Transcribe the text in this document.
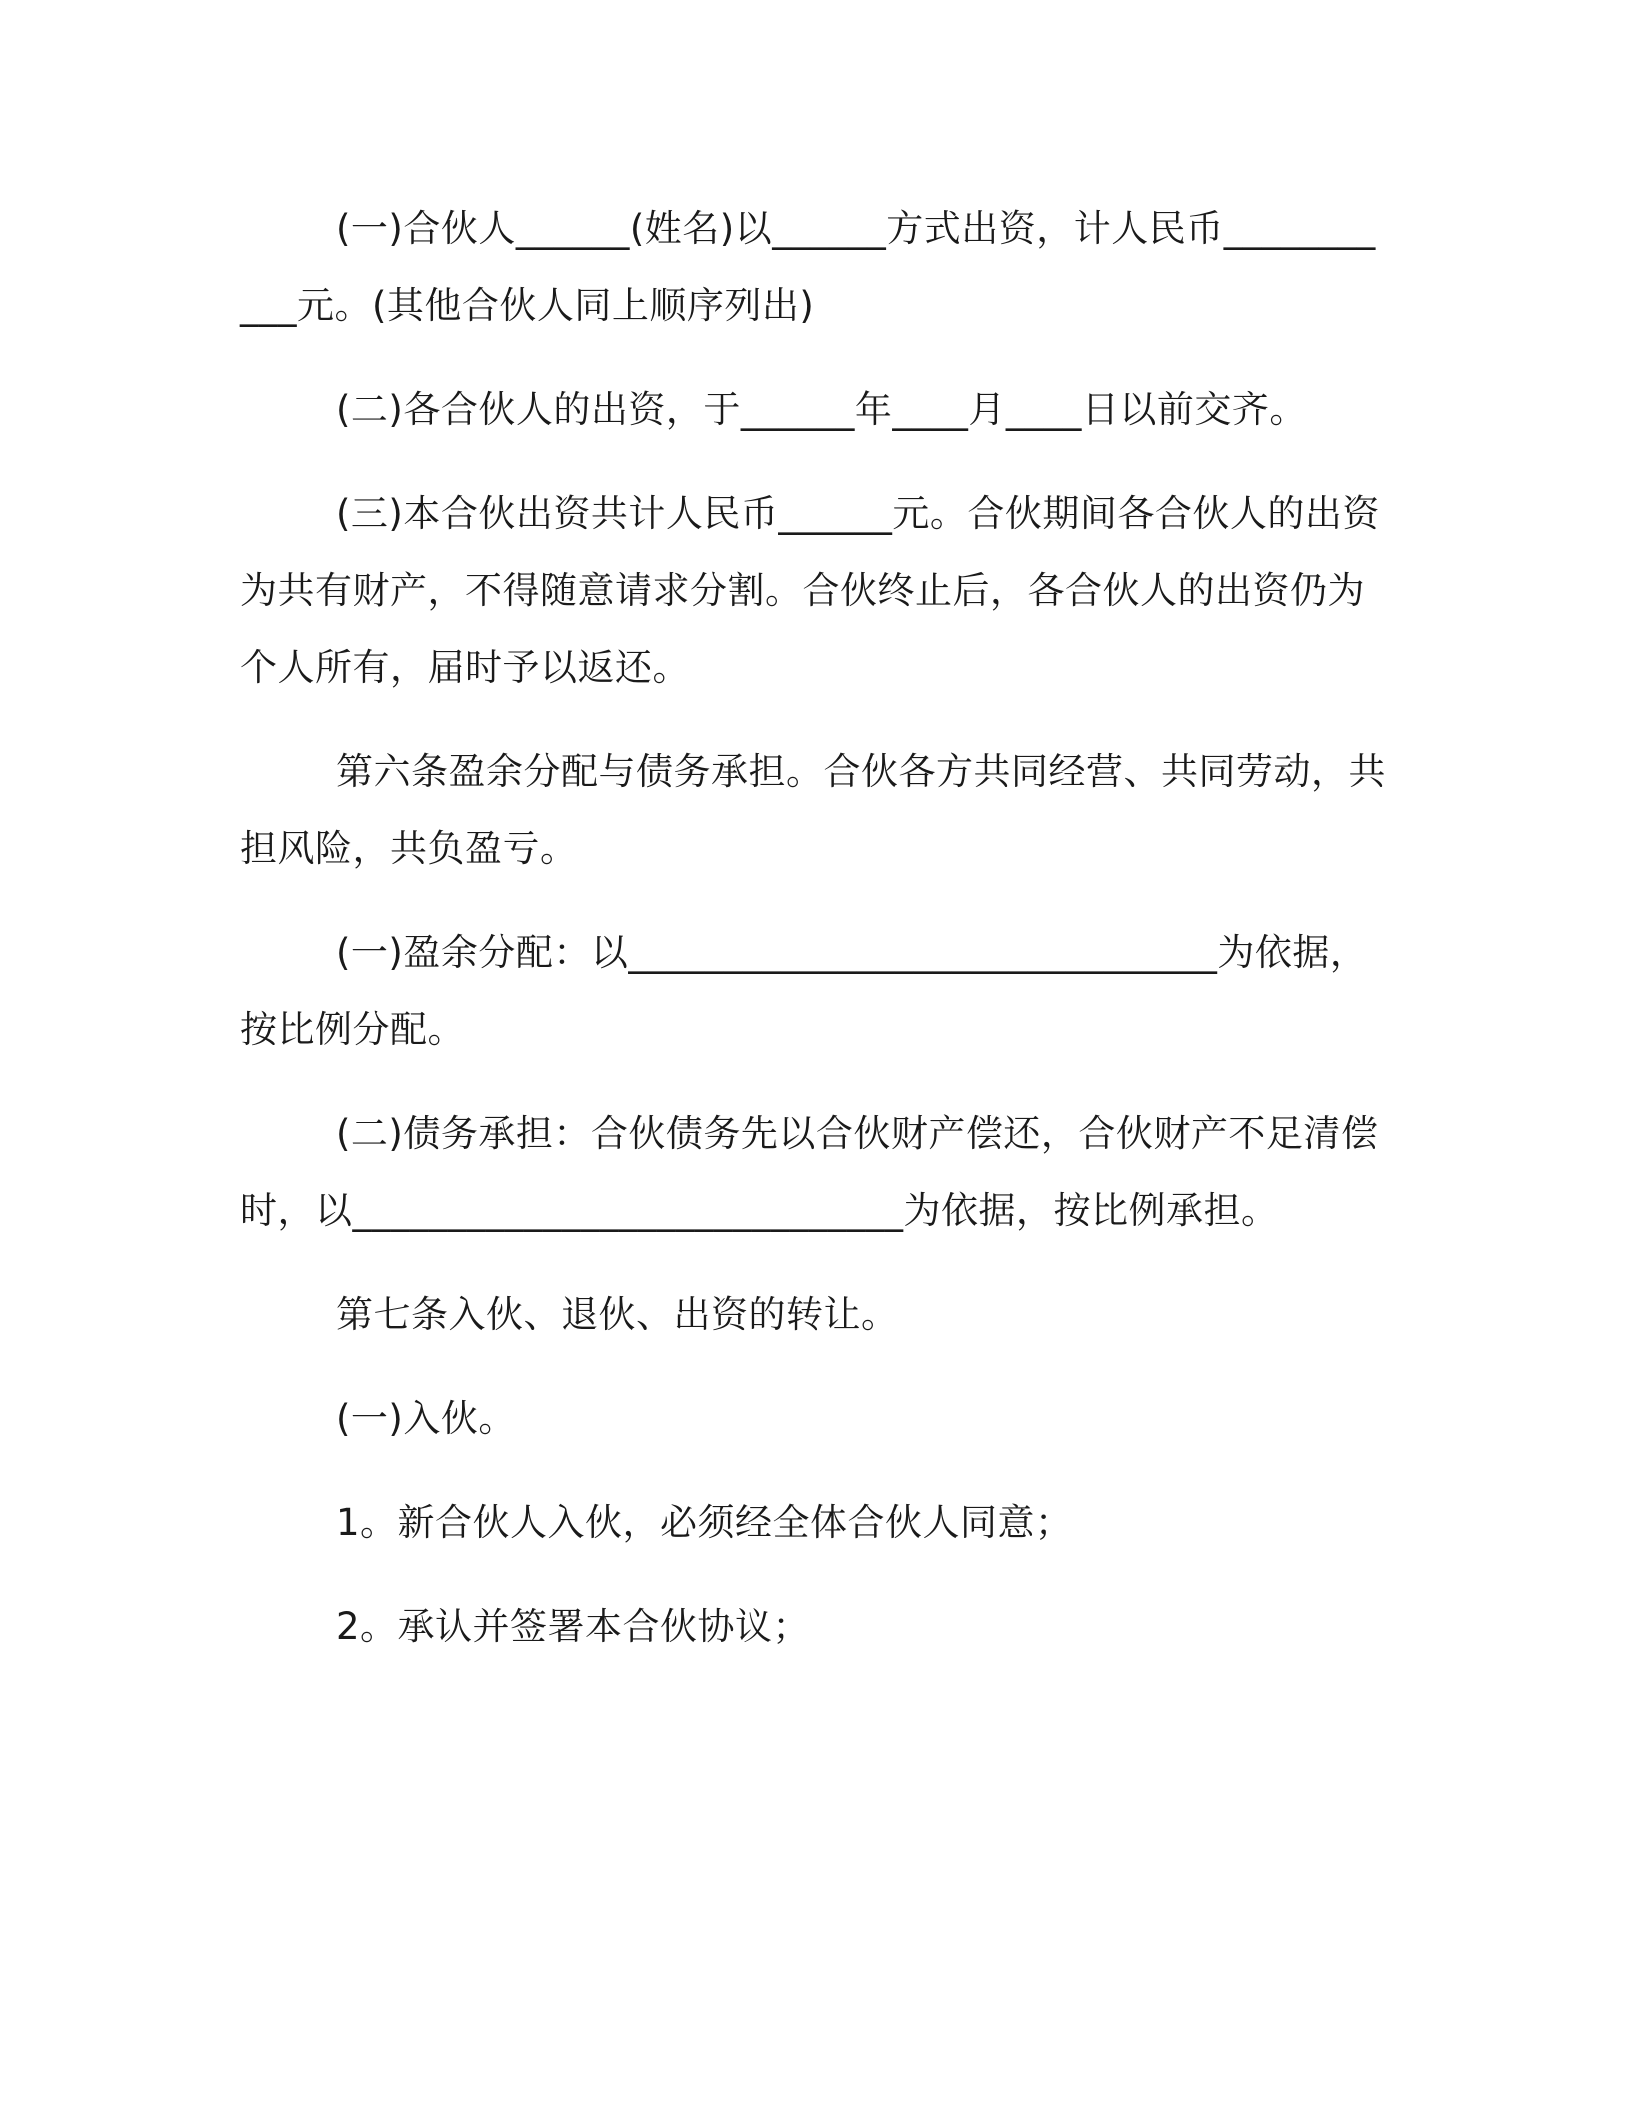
(一)合伙人______(姓名)以______方式出资，计人民币___________元。(其他合伙人同上顺序列出)

(二)各合伙人的出资，于______年____月____日以前交齐。

(三)本合伙出资共计人民币______元。合伙期间各合伙人的出资为共有财产，不得随意请求分割。合伙终止后，各合伙人的出资仍为个人所有，届时予以返还。

第六条盈余分配与债务承担。合伙各方共同经营、共同劳动，共担风险，共负盈亏。

(一)盈余分配：以_______________________________为依据，按比例分配。

(二)债务承担：合伙债务先以合伙财产偿还，合伙财产不足清偿时，以_____________________________为依据，按比例承担。

第七条入伙、退伙、出资的转让。

(一)入伙。

1。新合伙人入伙，必须经全体合伙人同意；

2。承认并签署本合伙协议；
